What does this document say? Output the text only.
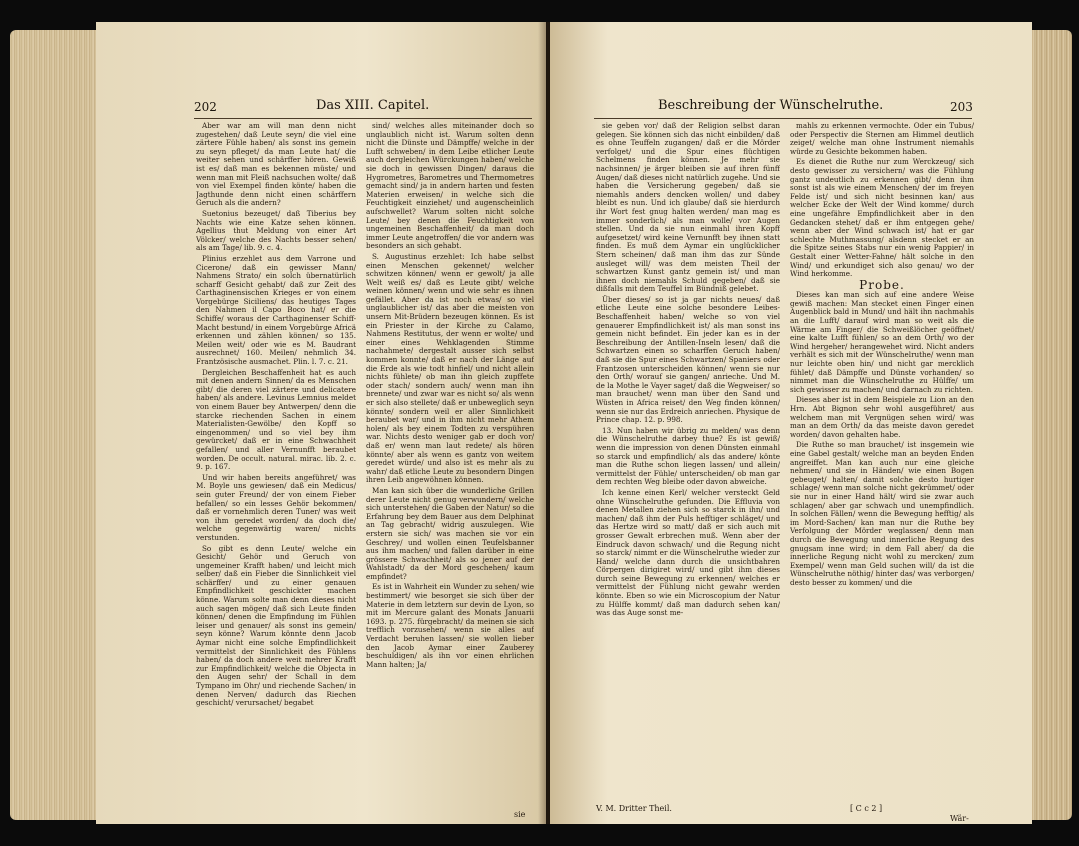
202	Das XIII. Capitel.

Aber war am will man denn nicht zugestehen/ daß Leute seyn/ die viel eine zärtere Fühle haben/ als sonst ins gemein zu seyn pfleget/ da man Leute hat/ die weiter sehen und schärffer hören. Gewiß ist es/ daß man es bekennen müste/ und wenn man mit Fleiß nachsuchen wolte/ daß von viel Exempel finden könte/ haben die Jagthunde denn nicht einen schärffern Geruch als die andern?

Suetonius bezeuget/ daß Tiberius bey Nachts wie eine Katze sehen können. Agellius thut Meldung von einer Art Völcker/ welche des Nachts besser sehen/ als am Tage/ lib. 9. c. 4.

Plinius erzehlet aus dem Varrone und Cicerone/ daß ein gewisser Mann/ Nahmens Strato/ ein solch übernatürlich scharff Gesicht gehabt/ daß zur Zeit des Carthaginensischen Krieges er von einem Vorgebürge Siciliens/ das heutiges Tages den Nahmen il Capo Boco hat/ er die Schiffe/ woraus der Carthaginenser Schiff-Macht bestund/ in einem Vorgebürge Africä erkennen und zählen können/ so 135. Meilen weit/ oder wie es M. Baudrant ausrechnet/ 160. Meilen/ nehmlich 34. Frantzösische ausmachet. Plin. l. 7. c. 21.

Dergleichen Beschaffenheit hat es auch mit denen andern Sinnen/ da es Menschen gibt/ die deren viel zärtere und delicatere haben/ als andere. Levinus Lemnius meldet von einem Bauer bey Antwerpen/ denn die starcke riechenden Sachen in einem Materialisten-Gewölbe/ den Kopff so eingenommen/ und so viel bey ihm gewürcket/ daß er in eine Schwachheit gefallen/ und aller Vernunfft beraubet worden. De occult. natural. mirac. lib. 2. c. 9. p. 167.

Und wir haben bereits angeführet/ was M. Boyle uns gewiesen/ daß ein Medicus/ sein guter Freund/ der von einem Fieber befallen/ so ein lesses Gehör bekommen/ daß er vornehmlich deren Tuner/ was weit von ihm geredet worden/ da doch die/ welche gegenwärtig waren/ nichts verstunden.

So gibt es denn Leute/ welche ein Gesicht/ Gehör und Geruch von ungemeiner Krafft haben/ und leicht mich selber/ daß ein Fieber die Sinnlichkeit viel schärffer/ und zu einer genauen Empfindlichkeit geschickter machen könne. Warum solte man denn dieses nicht auch sagen mögen/ daß sich Leute finden können/ denen die Empfindung im Fühlen leiser und genauer/ als sonst ins gemein/ seyn könne? Warum könnte denn Jacob Aymar nicht eine solche Empfindlichkeit vermittelst der Sinnlichkeit des Fühlens haben/ da doch andere weit mehrer Krafft zur Empfindlichkeit/ welche die Objecta in den Augen sehr/ der Schall in dem Tympano im Ohr/ und riechende Sachen/ in denen Nerven/ dadurch das Riechen geschicht/ verursachet/ begabet

sind/ welches alles miteinander doch so unglaublich nicht ist. Warum solten denn nicht die Dünste und Dämpffe/ welche in der Lufft schweben/ in dem Leibe etlicher Leute auch dergleichen Würckungen haben/ welche sie doch in gewissen Dingen/ daraus die Hygrometres, Barometres und Thermometres gemacht sind/ ja in andern harten und festen Materien erweisen/ in welche sich die Feuchtigkeit einziehet/ und augenscheinlich aufschwellet? Warum solten nicht solche Leute/ bey denen die Feuchtigkeit von ungemeinen Beschaffenheit/ da man doch immer Leute angetroffen/ die vor andern was besonders an sich gehabt.

S. Augustinus erzehlet: Ich habe selbst einen Menschen gekennet/ welcher schwitzen können/ wenn er gewolt/ ja alle Welt weiß es/ daß es Leute gibt/ welche weinen können/ wenn und wie sehr es ihnen gefället. Aber da ist noch etwas/ so viel unglaublicher ist/ das aber die meisten von unsern Mit-Brüdern bezeugen können. Es ist ein Priester in der Kirche zu Calamo, Nahmens Restitutus, der wenn er wolte/ und einer eines Wehklagenden Stimme nachahmete/ dergestalt ausser sich selbst kommen konnte/ daß er nach der Länge auf die Erde als wie todt hinfiel/ und nicht allein nichts fühlete/ ob man ihn gleich zupffete oder stach/ sondern auch/ wenn man ihn brennete/ und zwar war es nicht so/ als wenn er sich also stellete/ daß er unbeweglich seyn könnte/ sondern weil er aller Sinnlichkeit beraubet war/ und in ihm nicht mehr Athem holen/ als bey einem Todten zu verspühren war. Nichts desto weniger gab er doch vor/ daß er/ wenn man laut redete/ als hören könnte/ aber als wenn es gantz von weitem geredet würde/ und also ist es mehr als zu wahr/ daß etliche Leute zu besondern Dingen ihren Leib angewöhnen können.

Man kan sich über die wunderliche Grillen derer Leute nicht genug verwundern/ welche sich unterstehen/ die Gaben der Natur/ so die Erfahrung bey dem Bauer aus dem Delphinat an Tag gebracht/ widrig auszulegen. Wie erstern sie sich/ was machen sie vor ein Geschrey/ und wollen einen Teufelsbanner aus ihm machen/ und fallen darüber in eine grössere Schwachheit/ als so jener auf der Wahlstadt/ da der Mord geschehen/ kaum empfindet?

Es ist in Wahrheit ein Wunder zu sehen/ wie bestimmert/ wie besorget sie sich über der Materie in dem letztern sur devin de Lyon, so mit im Mercure galant des Monats Januarii 1693. p. 275. fürgebracht/ da meinen sie sich trefflich vorzusehen/ wenn sie alles auf Verdacht beruhen lassen/ sie wollen lieber den Jacob Aymar einer Zauberey beschuldigen/ als ihn vor einen ehrlichen Mann halten; Ja/

sie
Beschreibung der Wünschelruthe.	203

sie geben vor/ daß der Religion selbst daran gelegen. Sie können sich das nicht einbilden/ daß es ohne Teuffeln zugangen/ daß er die Mörder verfolget/ und die Spur eines flüchtigen Schelmens finden können. Je mehr sie nachsinnen/ je ärger bleiben sie auf ihren fünff Augen/ daß dieses nicht natürlich zugehe. Und sie haben die Versicherung gegeben/ daß sie niemahls anders dencken wollen/ und dabey bleibt es nun. Und ich glaube/ daß sie hierdurch ihr Wort fest gnug halten werden/ man mag es immer sonderlich/ als man wolle/ vor Augen stellen. Und da sie nun einmahl ihren Kopff aufgesetzet/ wird keine Vernunfft bey ihnen statt finden. Es muß dem Aymar ein unglücklicher Stern scheinen/ daß man ihm das zur Sünde ausleget will/ was dem meisten Theil der schwartzen Kunst gantz gemein ist/ und man ihnen doch niemahls Schuld gegeben/ daß sie dißfalls mit dem Teuffel im Bündniß gelebet.

Über dieses/ so ist ja gar nichts neues/ daß etliche Leute eine solche besondere Leibes-Beschaffenheit haben/ welche so von viel genauerer Empfindlichkeit ist/ als man sonst ins gemein nicht befindet. Ein jeder kan es in der Beschreibung der Antillen-Inseln lesen/ daß die Schwartzen einen so scharffen Geruch haben/ daß sie die Spur eines Schwartzen/ Spaniers oder Frantzosen unterscheiden können/ wenn sie nur den Orth/ worauf sie gangen/ anrieche. Und M. de la Mothe le Vayer saget/ daß die Wegweiser/ so man brauchet/ wenn man über den Sand und Wüsten in Africa reiset/ den Weg finden können/ wenn sie nur das Erdreich anriechen. Physique de Prince chap. 12. p. 998.

13. Nun haben wir übrig zu melden/ was denn die Wünschelruthe darbey thue? Es ist gewiß/ wenn die impression von denen Dünsten einmahl so starck und empfindlich/ als das andere/ könte man die Ruthe schon liegen lassen/ und allein/ vermittelst der Fühle/ unterscheiden/ ob man gar dem rechten Weg bleibe oder davon abweiche.

Ich kenne einen Kerl/ welcher versteckt Geld ohne Wünschelruthe gefunden. Die Effluvia von denen Metallen ziehen sich so starck in ihn/ und machen/ daß ihm der Puls hefftiger schläget/ und das Hertze wird so matt/ daß er sich auch mit grosser Gewalt erbrechen muß. Wenn aber der Eindruck davon schwach/ und die Regung nicht so starck/ nimmt er die Wünschelruthe wieder zur Hand/ welche dann durch die unsichtbahren Cörpergen dirigiret wird/ und gibt ihm dieses durch seine Bewegung zu erkennen/ welches er vermittelst der Fühlung nicht gewahr werden könnte. Eben so wie ein Microscopium der Natur zu Hülffe kommt/ daß man dadurch sehen kan/ was das Auge sonst me-

mahls zu erkennen vermochte. Oder ein Tubus/ oder Perspectiv die Sternen am Himmel deutlich zeiget/ welche man ohne Instrument niemahls würde zu Gesichte bekommen haben.

Es dienet die Ruthe nur zum Werckzeug/ sich desto gewisser zu versichern/ was die Fühlung gantz undeutlich zu erkennen gibt/ denn ihm sonst ist als wie einem Menschen/ der im freyen Felde ist/ und sich nicht besinnen kan/ aus welcher Ecke der Welt der Wind komme/ durch eine ungefähre Empfindlichkeit aber in den Gedancken stehet/ daß er ihm entgegen gehe/ wenn aber der Wind schwach ist/ hat er gar schlechte Muthmassung/ alsdenn stecket er an die Spitze seines Stabs nur ein wenig Pappier/ in Gestalt einer Wetter-Fahne/ hält solche in den Wind/ und erkundiget sich also genau/ wo der Wind herkomme.

Probe.

Dieses kan man sich auf eine andere Weise gewiß machen: Man stecket einen Finger einen Augenblick bald in Mund/ und hält ihn nachmahls an die Lufft/ darauf wird man so weit als die Wärme am Finger/ die Schweißlöcher geöffnet/ eine kalte Lufft fühlen/ so an dem Orth/ wo der Wind hergeher/ herangewehet wird. Nicht anders verhält es sich mit der Wünschelruthe/ wenn man nur leichte oben hin/ und nicht gar mercklich fühlet/ daß Dämpffe und Dünste vorhanden/ so nimmet man die Wünschelruthe zu Hülffe/ um sich gewisser zu machen/ und darnach zu richten.

Dieses aber ist in dem Beispiele zu Lion an den Hrn. Abt Bignon sehr wohl ausgeführet/ aus welchem man mit Vergnügen sehen wird/ was man an dem Orth/ da das meiste davon geredet worden/ davon gehalten habe.

Die Ruthe so man brauchet/ ist insgemein wie eine Gabel gestalt/ welche man an beyden Enden angreiffet. Man kan auch nur eine gleiche nehmen/ und sie in Händen/ wie einen Bogen gebeuget/ halten/ damit solche desto hurtiger schlage/ wenn man solche nicht gekrümmet/ oder sie nur in einer Hand hält/ wird sie zwar auch schlagen/ aber gar schwach und unempfindlich. In solchen Fällen/ wenn die Bewegung hefftig/ als im Mord-Sachen/ kan man nur die Ruthe bey Verfolgung der Mörder weglassen/ denn man durch die Bewegung und innerliche Regung des gnugsam inne wird; in dem Fall aber/ da die innerliche Regung nicht wohl zu mercken/ zum Exempel/ wenn man Geld suchen will/ da ist die Wünschelruthe nöthig/ hinter das/ was verborgen/ desto besser zu kommen/ und die

V. M. Dritter Theil.	[ C c 2 ]
Wär-
